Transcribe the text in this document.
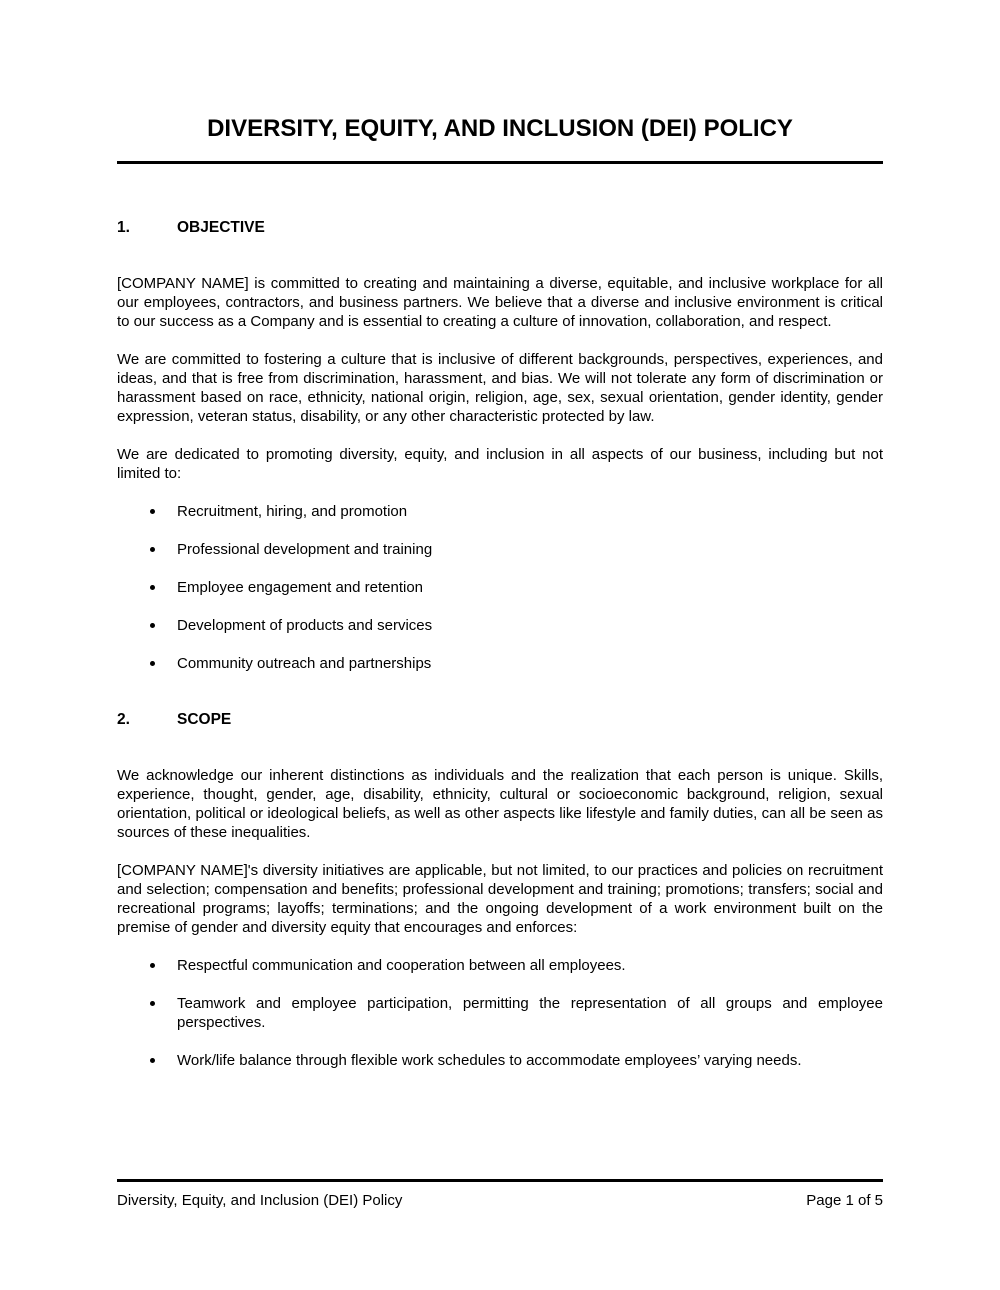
DIVERSITY, EQUITY, AND INCLUSION (DEI) POLICY
1.	OBJECTIVE

[COMPANY NAME] is committed to creating and maintaining a diverse, equitable, and inclusive workplace for all our employees, contractors, and business partners. We believe that a diverse and inclusive environment is critical to our success as a Company and is essential to creating a culture of innovation, collaboration, and respect.

We are committed to fostering a culture that is inclusive of different backgrounds, perspectives, experiences, and ideas, and that is free from discrimination, harassment, and bias. We will not tolerate any form of discrimination or harassment based on race, ethnicity, national origin, religion, age, sex, sexual orientation, gender identity, gender expression, veteran status, disability, or any other characteristic protected by law.

We are dedicated to promoting diversity, equity, and inclusion in all aspects of our business, including but not limited to:

Recruitment, hiring, and promotion
Professional development and training
Employee engagement and retention
Development of products and services
Community outreach and partnerships
2.	SCOPE

We acknowledge our inherent distinctions as individuals and the realization that each person is unique. Skills, experience, thought, gender, age, disability, ethnicity, cultural or socioeconomic background, religion, sexual orientation, political or ideological beliefs, as well as other aspects like lifestyle and family duties, can all be seen as sources of these inequalities.

[COMPANY NAME]'s diversity initiatives are applicable, but not limited, to our practices and policies on recruitment and selection; compensation and benefits; professional development and training; promotions; transfers; social and recreational programs; layoffs; terminations; and the ongoing development of a work environment built on the premise of gender and diversity equity that encourages and enforces:

Respectful communication and cooperation between all employees.
Teamwork and employee participation, permitting the representation of all groups and employee perspectives.
Work/life balance through flexible work schedules to accommodate employees’ varying needs.
Diversity, Equity, and Inclusion (DEI) Policy	Page 1 of 5
